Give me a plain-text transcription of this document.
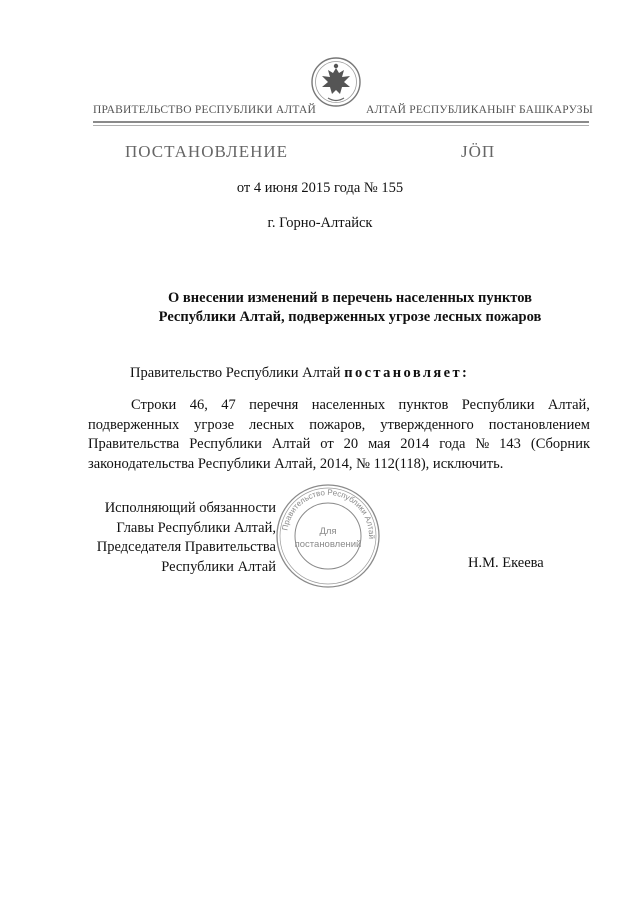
ПРАВИТЕЛЬСТВО РЕСПУБЛИКИ АЛТАЙ	АЛТАЙ РЕСПУБЛИКАНЫҤ БАШКАРУЗЫ
ПОСТАНОВЛЕНИЕ	JӦП
от 4 июня 2015 года № 155
г. Горно-Алтайск
О внесении изменений в перечень населенных пунктов
Республики Алтай, подверженных угрозе лесных пожаров
Правительство Республики Алтай постановляет:
Строки 46, 47 перечня населенных пунктов Республики Алтай,
подверженных угрозе лесных пожаров, утвержденного постановлением
Правительства Республики Алтай от 20 мая 2014 года № 143 (Сборник
законодательства Республики Алтай, 2014, № 112(118), исключить.
Исполняющий обязанности
Главы Республики Алтай,
Председателя Правительства
Республики Алтай	Н.М. Екеева
Правительство Республики Алтай
Для
постановлений
